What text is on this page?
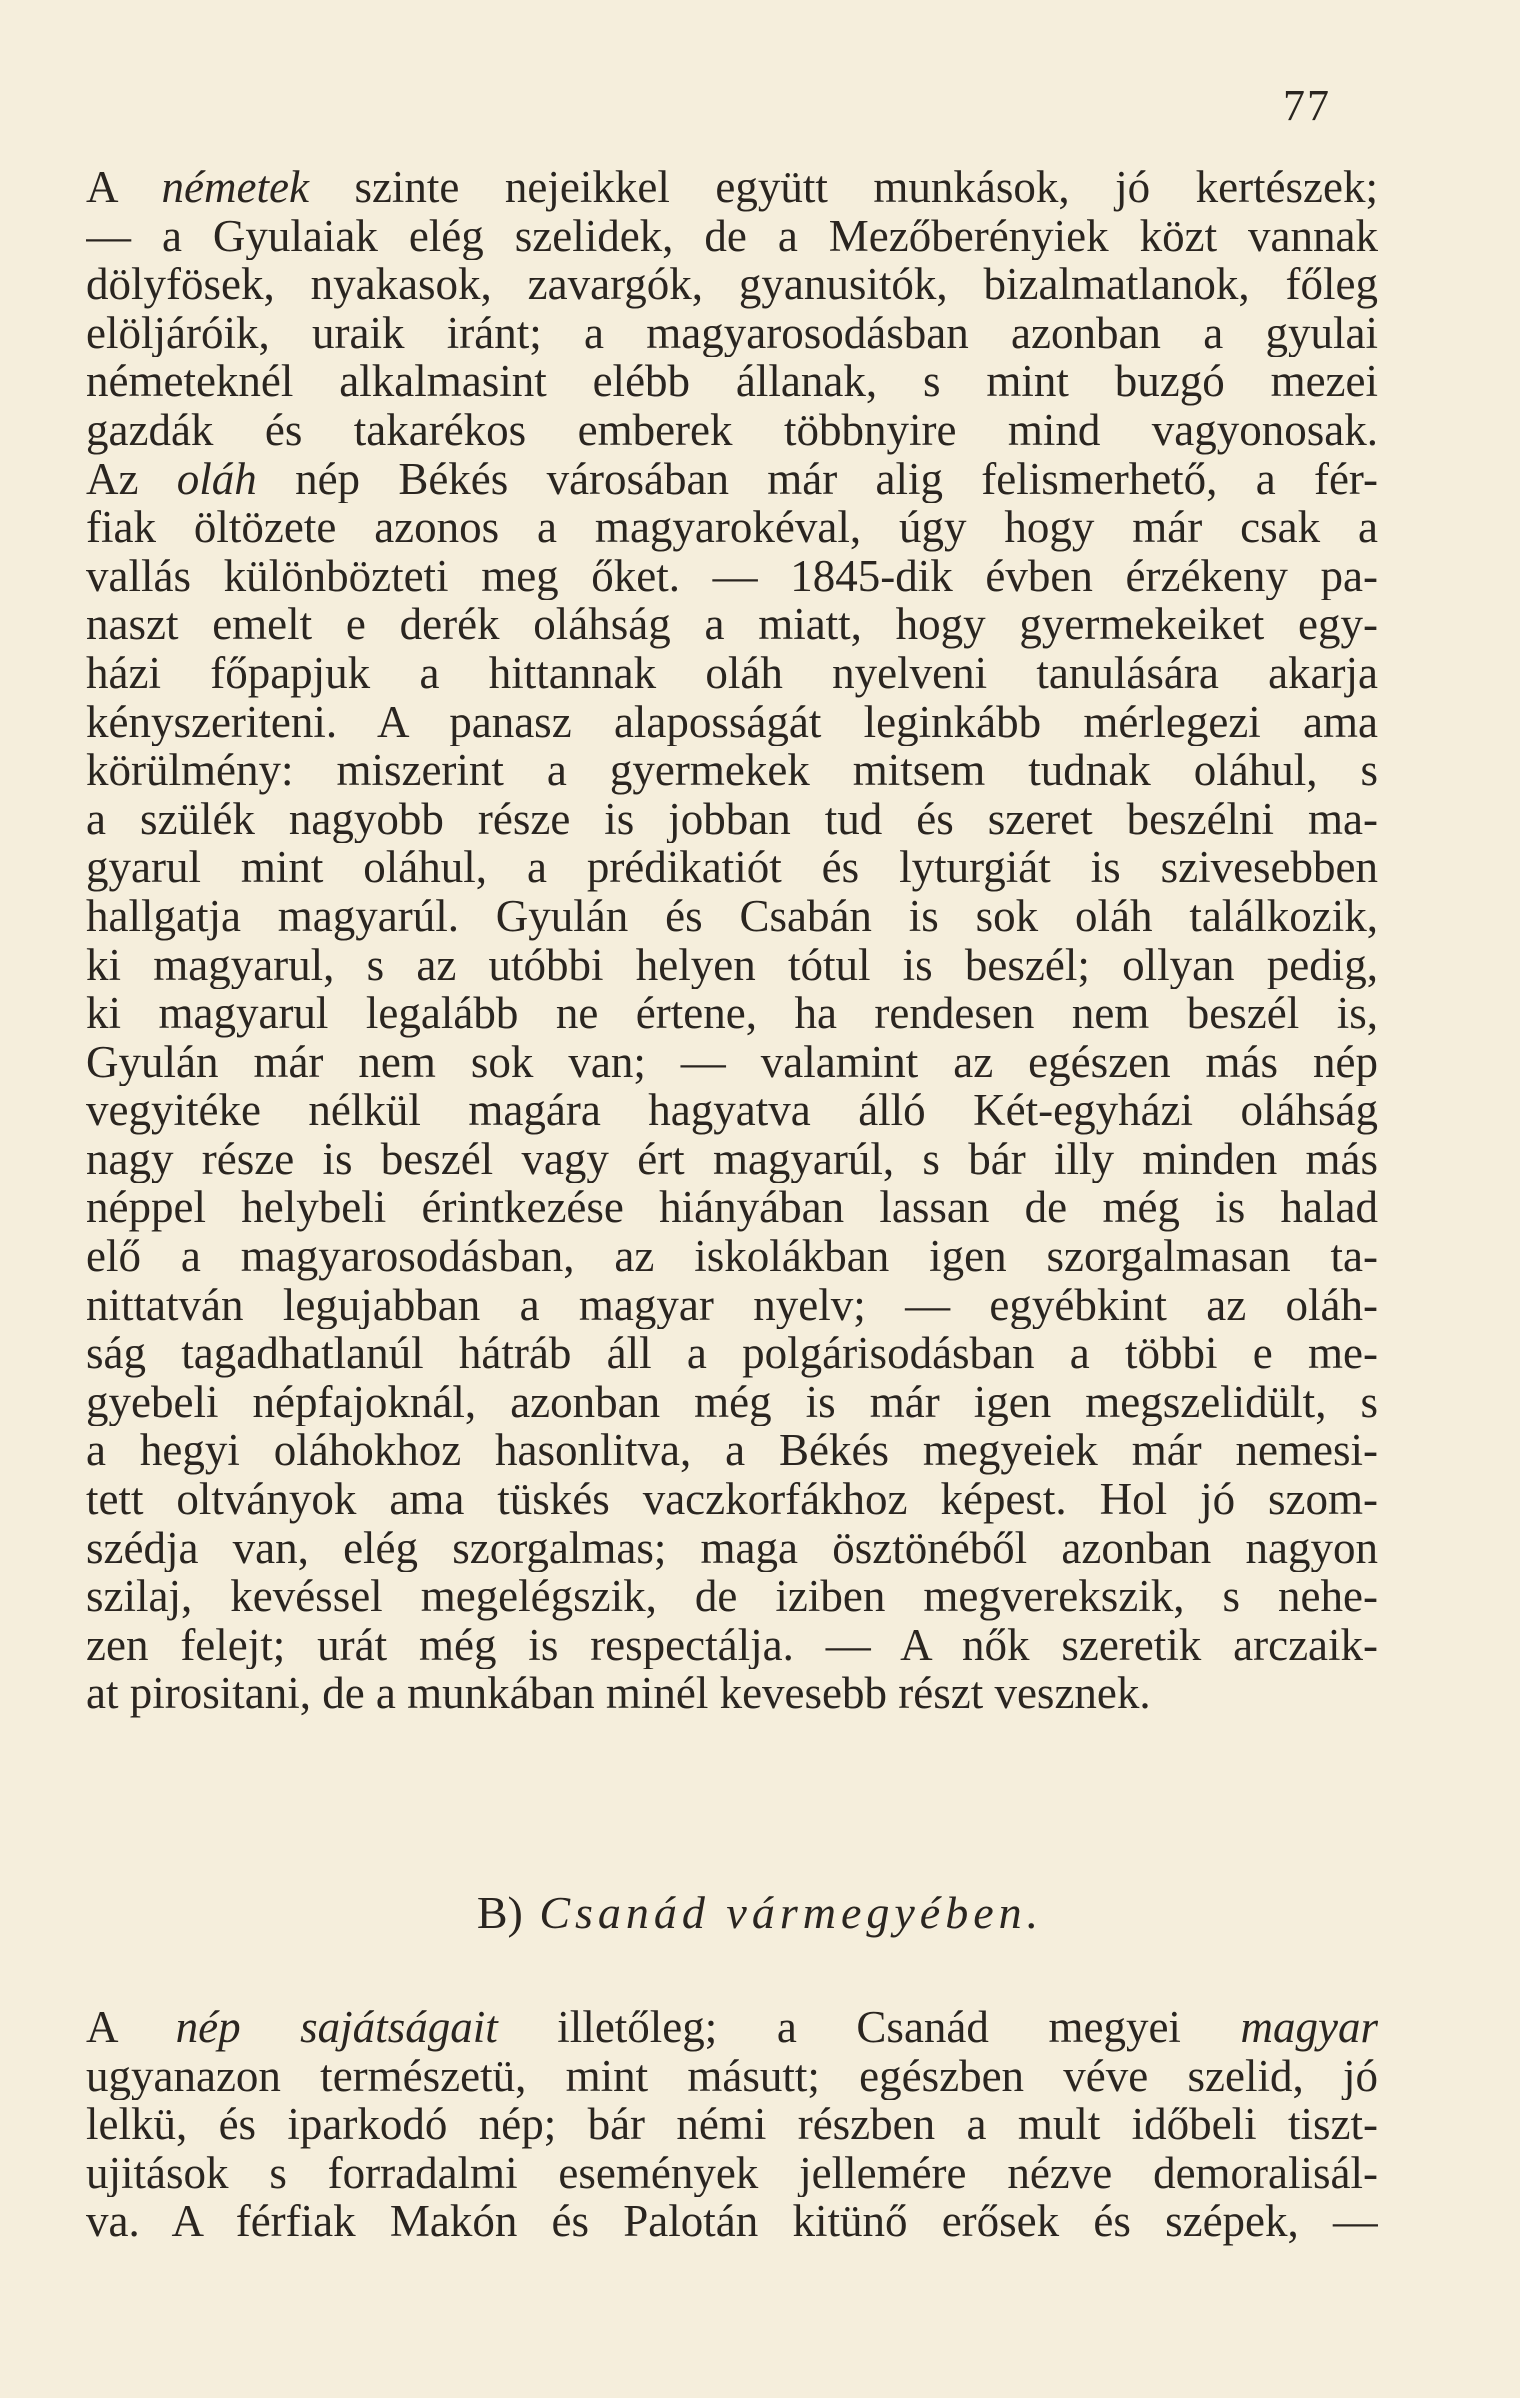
77
A németek szinte nejeikkel együtt munkások, jó kertészek;
— a Gyulaiak elég szelidek, de a Mezőberényiek közt vannak
dölyfösek, nyakasok, zavargók, gyanusitók, bizalmatlanok, főleg
elöljáróik, uraik iránt; a magyarosodásban azonban a gyulai
németeknél alkalmasint elébb állanak, s mint buzgó mezei
gazdák és takarékos emberek többnyire mind vagyonosak.
Az oláh nép Békés városában már alig felismerhető, a fér-
fiak öltözete azonos a magyarokéval, úgy hogy már csak a
vallás különbözteti meg őket. — 1845-dik évben érzékeny pa-
naszt emelt e derék oláhság a miatt, hogy gyermekeiket egy-
házi főpapjuk a hittannak oláh nyelveni tanulására akarja
kényszeriteni. A panasz alaposságát leginkább mérlegezi ama
körülmény: miszerint a gyermekek mitsem tudnak oláhul, s
a szülék nagyobb része is jobban tud és szeret beszélni ma-
gyarul mint oláhul, a prédikatiót és lyturgiát is szivesebben
hallgatja magyarúl. Gyulán és Csabán is sok oláh találkozik,
ki magyarul, s az utóbbi helyen tótul is beszél; ollyan pedig,
ki magyarul legalább ne értene, ha rendesen nem beszél is,
Gyulán már nem sok van; — valamint az egészen más nép
vegyitéke nélkül magára hagyatva álló Két-egyházi oláhság
nagy része is beszél vagy ért magyarúl, s bár illy minden más
néppel helybeli érintkezése hiányában lassan de még is halad
elő a magyarosodásban, az iskolákban igen szorgalmasan ta-
nittatván legujabban a magyar nyelv; — egyébkint az oláh-
ság tagadhatlanúl hátráb áll a polgárisodásban a többi e me-
gyebeli népfajoknál, azonban még is már igen megszelidült, s
a hegyi oláhokhoz hasonlitva, a Békés megyeiek már nemesi-
tett oltványok ama tüskés vaczkorfákhoz képest. Hol jó szom-
szédja van, elég szorgalmas; maga ösztönéből azonban nagyon
szilaj, kevéssel megelégszik, de iziben megverekszik, s nehe-
zen felejt; urát még is respectálja. — A nők szeretik arczaik-
at pirositani, de a munkában minél kevesebb részt vesznek.
B) Csanád vármegyében.
A nép sajátságait illetőleg; a Csanád megyei magyar
ugyanazon természetü, mint másutt; egészben véve szelid, jó
lelkü, és iparkodó nép; bár némi részben a mult időbeli tiszt-
ujitások s forradalmi események jellemére nézve demoralisál-
va. A férfiak Makón és Palotán kitünő erősek és szépek, —
